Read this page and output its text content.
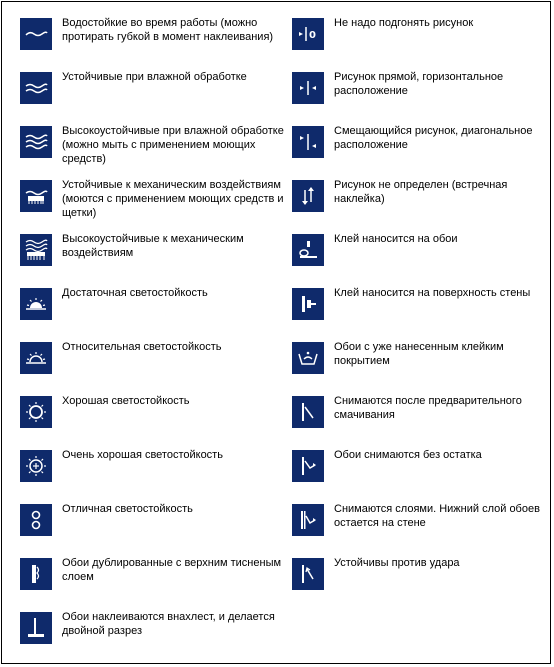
Водостойкие во время работы (можно протирать губкой в момент наклеивания)
Устойчивые при влажной обработке
Высокоустойчивые при влажной обработке (можно мыть с применением моющих средств)
Устойчивые к механическим воздействиям (моются с применением моющих средств и щетки)
Высокоустойчивые к механическим воздействиям
Достаточная светостойкость
Относительная светостойкость
Хорошая светостойкость
Очень хорошая светостойкость
Отличная светостойкость
Обои дублированные с верхним тисненым слоем
Обои наклеиваются внахлест, и делается двойной разрез
0
Не надо подгонять рисунок
Рисунок прямой, горизонтальное расположение
Смещающийся рисунок, диагональное расположение
Рисунок не определен (встречная наклейка)
Клей наносится на обои
Клей наносится на поверхность стены
Обои с уже нанесенным клейким покрытием
Снимаются после предварительного смачивания
Обои снимаются без остатка
Снимаются слоями. Нижний слой обоев остается на стене
Устойчивы против удара
